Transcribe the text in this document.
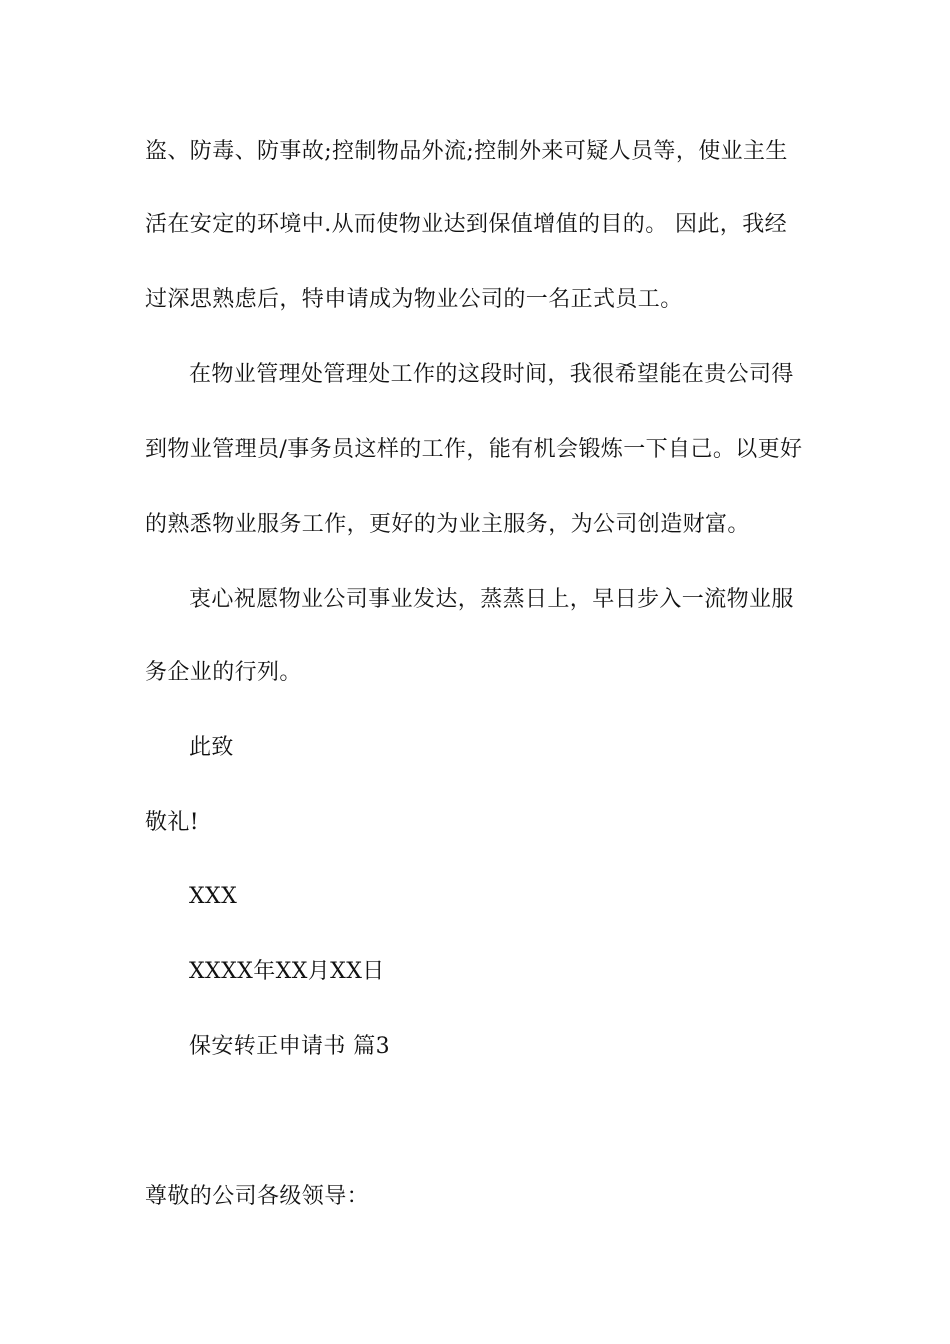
盗、防毒、防事故;控制物品外流;控制外来可疑人员等，使业主生
活在安定的环境中.从而使物业达到保值增值的目的。 因此，我经
过深思熟虑后，特申请成为物业公司的一名正式员工。
在物业管理处管理处工作的这段时间，我很希望能在贵公司得
到物业管理员/事务员这样的工作，能有机会锻炼一下自己。以更好
的熟悉物业服务工作，更好的为业主服务，为公司创造财富。
衷心祝愿物业公司事业发达，蒸蒸日上，早日步入一流物业服
务企业的行列。
此致
敬礼!
XXX
XXXX年XX月XX日
保安转正申请书 篇3
尊敬的公司各级领导：
